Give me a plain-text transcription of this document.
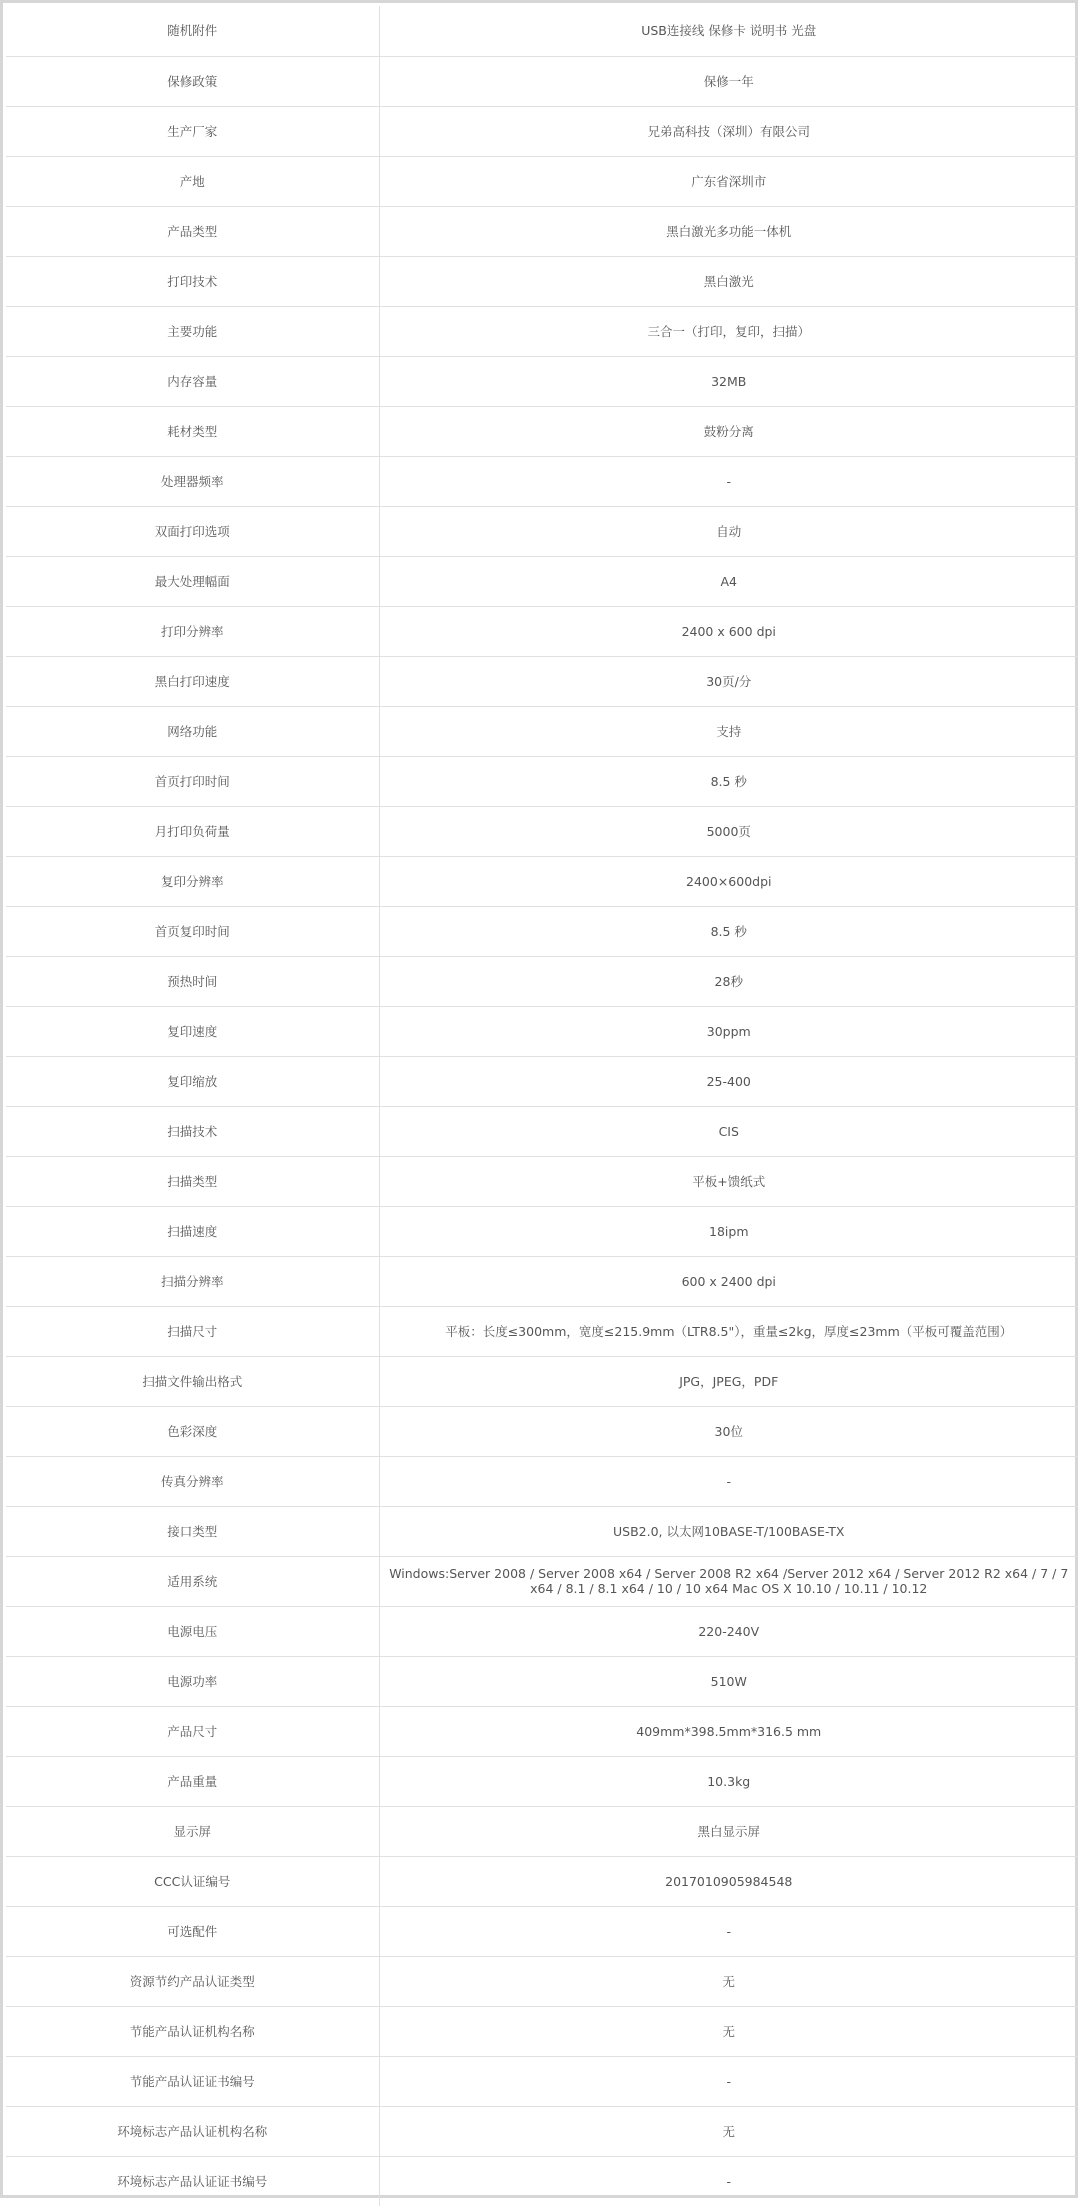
随机附件	USB连接线 保修卡 说明书 光盘
保修政策	保修一年
生产厂家	兄弟高科技（深圳）有限公司
产地	广东省深圳市
产品类型	黑白激光多功能一体机
打印技术	黑白激光
主要功能	三合一（打印，复印，扫描）
内存容量	32MB
耗材类型	鼓粉分离
处理器频率	-
双面打印选项	自动
最大处理幅面	A4
打印分辨率	2400 x 600 dpi
黑白打印速度	30页/分
网络功能	支持
首页打印时间	8.5 秒
月打印负荷量	5000页
复印分辨率	2400×600dpi
首页复印时间	8.5 秒
预热时间	28秒
复印速度	30ppm
复印缩放	25-400
扫描技术	CIS
扫描类型	平板+馈纸式
扫描速度	18ipm
扫描分辨率	600 x 2400 dpi
扫描尺寸	平板：长度≤300mm，宽度≤215.9mm（LTR8.5"），重量≤2kg，厚度≤23mm（平板可覆盖范围）
扫描文件输出格式	JPG，JPEG，PDF
色彩深度	30位
传真分辨率	-
接口类型	USB2.0, 以太网10BASE-T/100BASE-TX
适用系统	Windows:Server 2008 / Server 2008 x64 / Server 2008 R2 x64 /Server 2012 x64 / Server 2012 R2 x64 / 7 / 7 x64 / 8.1 / 8.1 x64 / 10 / 10 x64 Mac OS X 10.10 / 10.11 / 10.12
电源电压	220-240V
电源功率	510W
产品尺寸	409mm*398.5mm*316.5 mm
产品重量	10.3kg
显示屏	黑白显示屏
CCC认证编号	2017010905984548
可选配件	-
资源节约产品认证类型	无
节能产品认证机构名称	无
节能产品认证证书编号	-
环境标志产品认证机构名称	无
环境标志产品认证证书编号	-
